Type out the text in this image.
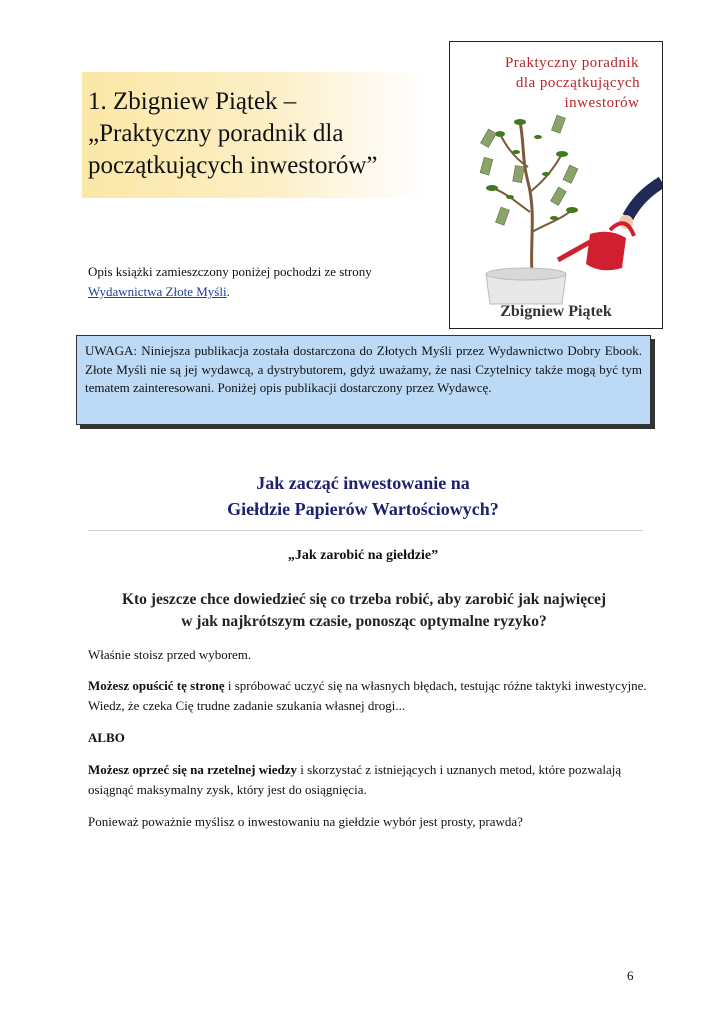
1. Zbigniew Piątek –
„Praktyczny poradnik dla
początkujących inwestorów”
Opis książki zamieszczony poniżej pochodzi ze strony
Wydawnictwa Złote Myśli.
Praktyczny poradnik
dla początkujących
inwestorów
Zbigniew Piątek
UWAGA: Niniejsza publikacja została dostarczona do Złotych Myśli przez Wydawnictwo Dobry Ebook. Złote Myśli nie są jej wydawcą, a dystrybutorem, gdyż uważamy, że nasi Czytelnicy także mogą być tym tematem zainteresowani. Poniżej opis publikacji dostarczony przez Wydawcę.
Jak zacząć inwestowanie na
Giełdzie Papierów Wartościowych?
„Jak zarobić na giełdzie”
Kto jeszcze chce dowiedzieć się co trzeba robić, aby zarobić jak najwięcej
w jak najkrótszym czasie, ponosząc optymalne ryzyko?

Właśnie stoisz przed wyborem.

Możesz opuścić tę stronę i spróbować uczyć się na własnych błędach, testując różne taktyki inwestycyjne. Wiedz, że czeka Cię trudne zadanie szukania własnej drogi...

ALBO

Możesz oprzeć się na rzetelnej wiedzy i skorzystać z istniejących i uznanych metod, które pozwalają osiągnąć maksymalny zysk, który jest do osiągnięcia.

Ponieważ poważnie myślisz o inwestowaniu na giełdzie wybór jest prosty, prawda?

6
